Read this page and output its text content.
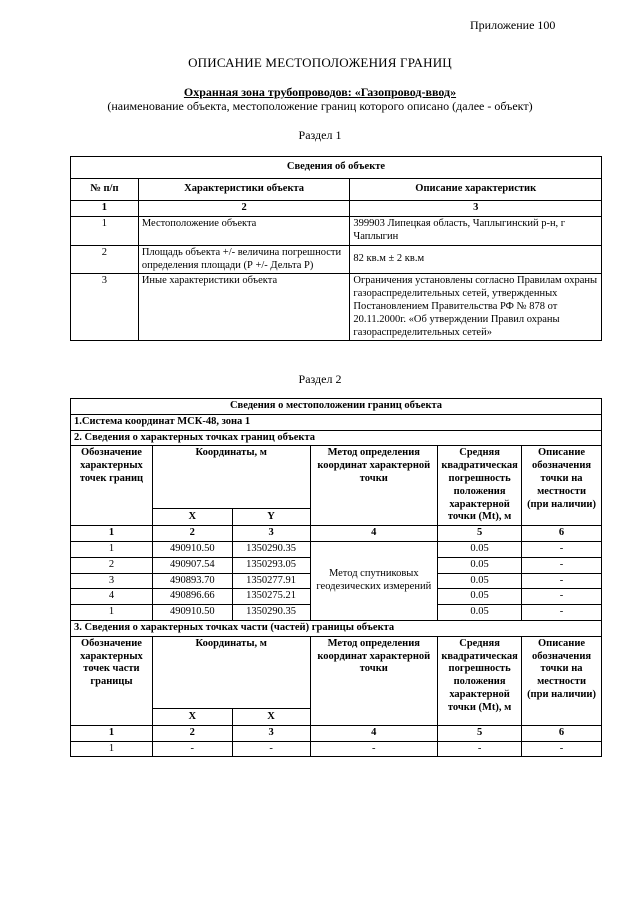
Приложение 100
ОПИСАНИЕ МЕСТОПОЛОЖЕНИЯ ГРАНИЦ
Охранная зона трубопроводов: «Газопровод-ввод»
(наименование объекта, местоположение границ которого описано (далее - объект)
Раздел 1
Сведения об объекте		
№ п/п	Характеристики объекта	Описание характеристик
1	2	3
1	Местоположение объекта	399903 Липецкая область, Чаплыгинский р-н, г Чаплыгин
2	Площадь объекта +/- величина погрешности определения площади (Р +/- Дельта Р)	82 кв.м ± 2 кв.м
3	Иные характеристики объекта	Ограничения установлены согласно Правилам охраны газораспределительных сетей, утвержденных Постановлением Правительства РФ № 878 от 20.11.2000г. «Об утверждении Правил охраны газораспределительных сетей»
Раздел 2
Сведения о местоположении границ объекта					
1.Система координат МСК-48, зона 1					
2. Сведения о характерных точках границ объекта					
Обозначение характерных точек границ	Координаты, м		Метод определения координат характерной точки	Средняя квадратическая погрешность положения характерной точки (Mt), м	Описание обозначения точки на местности (при наличии)
	X	Y			
1	2	3	4	5	6
1	490910.50	1350290.35	Метод спутниковых геодезических измерений	0.05	-
2	490907.54	1350293.05		0.05	-
3	490893.70	1350277.91		0.05	-
4	490896.66	1350275.21		0.05	-
1	490910.50	1350290.35		0.05	-
3. Сведения о характерных точках части (частей) границы объекта					
Обозначение характерных точек части границы	Координаты, м		Метод определения координат характерной точки	Средняя квадратическая погрешность положения характерной точки (Mt), м	Описание обозначения точки на местности (при наличии)
	X	X			
1	2	3	4	5	6
1	-	-	-	-	-
